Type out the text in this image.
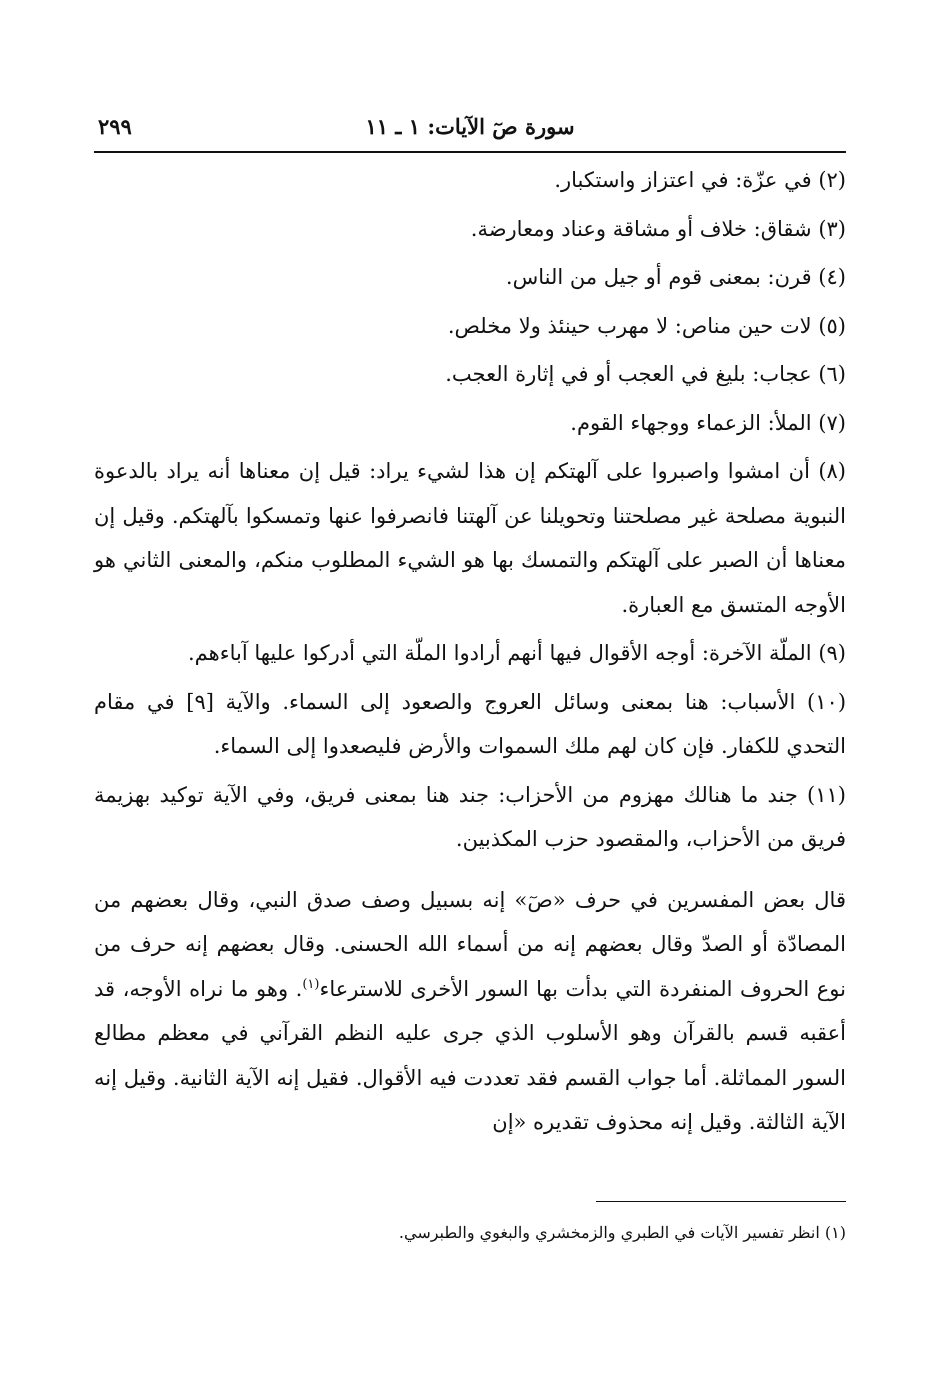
سورة صٓ الآيات: ١ ـ ١١
٢٩٩

(٢) في عزّة: في اعتزاز واستكبار.

(٣) شقاق: خلاف أو مشاقة وعناد ومعارضة.

(٤) قرن: بمعنى قوم أو جيل من الناس.

(٥) لات حين مناص: لا مهرب حينئذ ولا مخلص.

(٦) عجاب: بليغ في العجب أو في إثارة العجب.

(٧) الملأ: الزعماء ووجهاء القوم.

(٨) أن امشوا واصبروا على آلهتكم إن هذا لشيء يراد: قيل إن معناها أنه يراد بالدعوة النبوية مصلحة غير مصلحتنا وتحويلنا عن آلهتنا فانصرفوا عنها وتمسكوا بآلهتكم. وقيل إن معناها أن الصبر على آلهتكم والتمسك بها هو الشيء المطلوب منكم، والمعنى الثاني هو الأوجه المتسق مع العبارة.

(٩) الملّة الآخرة: أوجه الأقوال فيها أنهم أرادوا الملّة التي أدركوا عليها آباءهم.

(١٠) الأسباب: هنا بمعنى وسائل العروج والصعود إلى السماء. والآية [٩] في مقام التحدي للكفار. فإن كان لهم ملك السموات والأرض فليصعدوا إلى السماء.

(١١) جند ما هنالك مهزوم من الأحزاب: جند هنا بمعنى فريق، وفي الآية توكيد بهزيمة فريق من الأحزاب، والمقصود حزب المكذبين.

قال بعض المفسرين في حرف «صٓ» إنه بسبيل وصف صدق النبي، وقال بعضهم من المصادّة أو الصدّ وقال بعضهم إنه من أسماء الله الحسنى. وقال بعضهم إنه حرف من نوع الحروف المنفردة التي بدأت بها السور الأخرى للاسترعاء$^{(١)}$. وهو ما نراه الأوجه، قد أعقبه قسم بالقرآن وهو الأسلوب الذي جرى عليه النظم القرآني في معظم مطالع السور المماثلة. أما جواب القسم فقد تعددت فيه الأقوال. فقيل إنه الآية الثانية. وقيل إنه الآية الثالثة. وقيل إنه محذوف تقديره «إن

(١) انظر تفسير الآيات في الطبري والزمخشري والبغوي والطبرسي.
